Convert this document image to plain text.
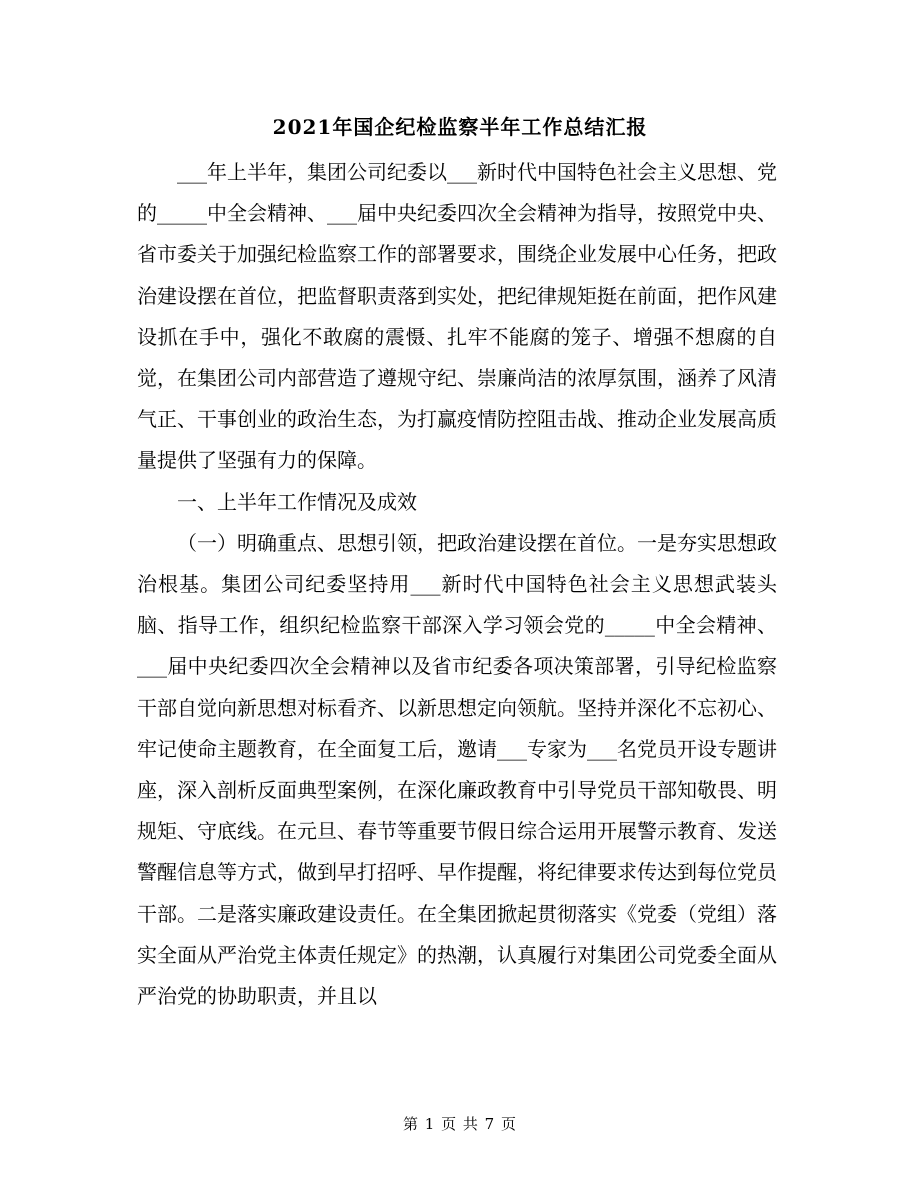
2021年国企纪检监察半年工作总结汇报

___年上半年，集团公司纪委以___新时代中国特色社会主义思想、党的_____中全会精神、___届中央纪委四次全会精神为指导，按照党中央、省市委关于加强纪检监察工作的部署要求，围绕企业发展中心任务，把政治建设摆在首位，把监督职责落到实处，把纪律规矩挺在前面，把作风建设抓在手中，强化不敢腐的震慑、扎牢不能腐的笼子、增强不想腐的自觉，在集团公司内部营造了遵规守纪、崇廉尚洁的浓厚氛围，涵养了风清气正、干事创业的政治生态，为打赢疫情防控阻击战、推动企业发展高质量提供了坚强有力的保障。

一、上半年工作情况及成效

（一）明确重点、思想引领，把政治建设摆在首位。一是夯实思想政治根基。集团公司纪委坚持用___新时代中国特色社会主义思想武装头脑、指导工作，组织纪检监察干部深入学习领会党的_____中全会精神、___届中央纪委四次全会精神以及省市纪委各项决策部署，引导纪检监察干部自觉向新思想对标看齐、以新思想定向领航。坚持并深化不忘初心、牢记使命主题教育，在全面复工后，邀请___专家为___名党员开设专题讲座，深入剖析反面典型案例，在深化廉政教育中引导党员干部知敬畏、明规矩、守底线。在元旦、春节等重要节假日综合运用开展警示教育、发送警醒信息等方式，做到早打招呼、早作提醒，将纪律要求传达到每位党员干部。二是落实廉政建设责任。在全集团掀起贯彻落实《党委（党组）落实全面从严治党主体责任规定》的热潮，认真履行对集团公司党委全面从严治党的协助职责，并且以

第 1 页 共 7 页
